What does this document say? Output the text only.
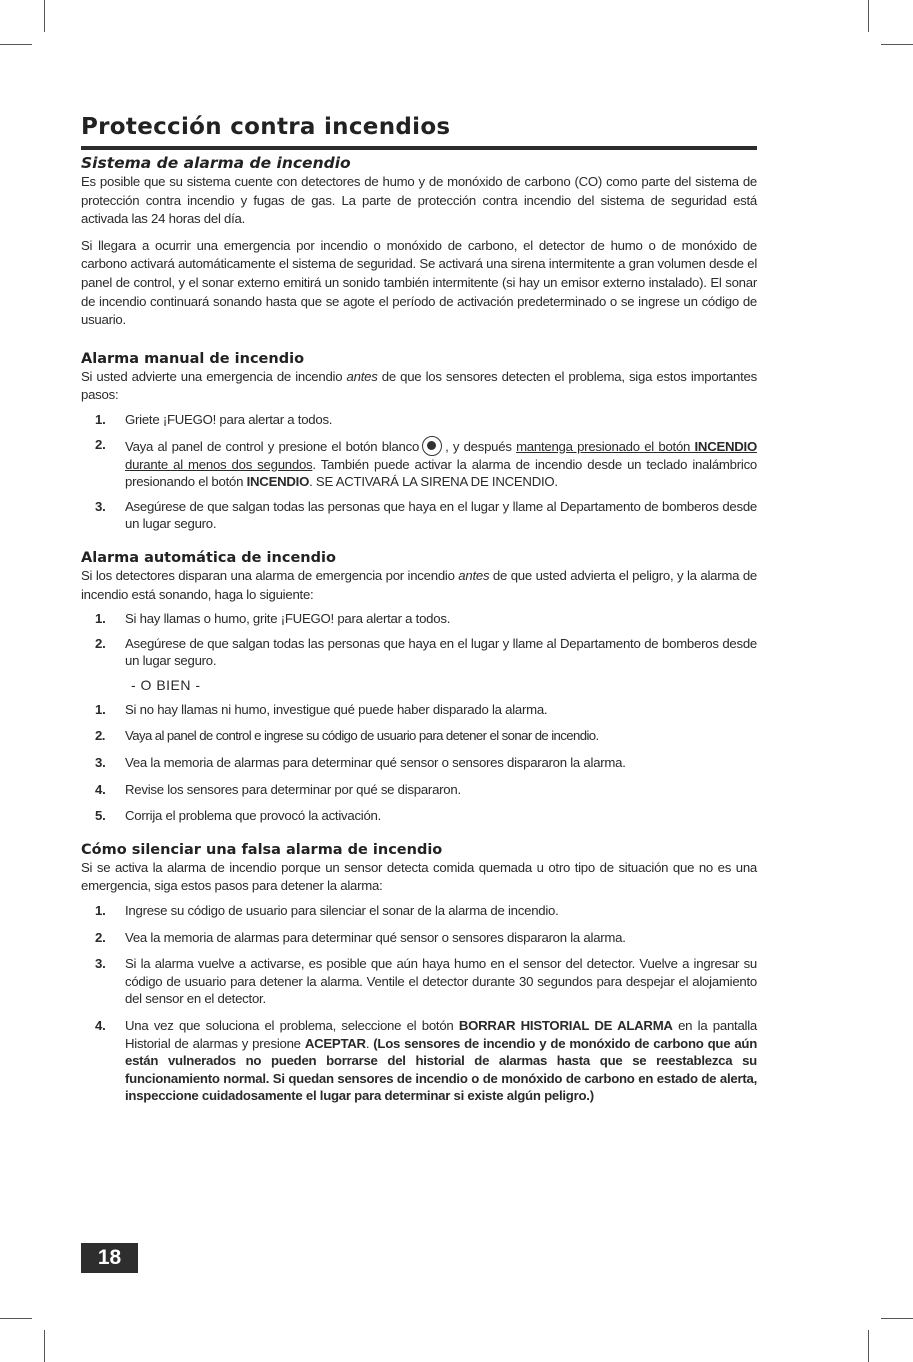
Protección contra incendios
Sistema de alarma de incendio

Es posible que su sistema cuente con detectores de humo y de monóxido de carbono (CO) como parte del sistema de protección contra incendio y fugas de gas. La parte de protección contra incendio del sistema de seguridad está activada las 24 horas del día.

Si llegara a ocurrir una emergencia por incendio o monóxido de carbono, el detector de humo o de monóxido de carbono activará automáticamente el sistema de seguridad. Se activará una sirena intermitente a gran volumen desde el panel de control, y el sonar externo emitirá un sonido también intermitente (si hay un emisor externo instalado). El sonar de incendio continuará sonando hasta que se agote el período de activación predeterminado o se ingrese un código de usuario.

Alarma manual de incendio

Si usted advierte una emergencia de incendio antes de que los sensores detecten el problema, siga estos importantes pasos:

1. Griete ¡FUEGO! para alertar a todos.
2. Vaya al panel de control y presione el botón blanco , y después mantenga presionado el botón INCENDIO durante al menos dos segundos. También puede activar la alarma de incendio desde un teclado inalámbrico presionando el botón INCENDIO. SE ACTIVARÁ LA SIRENA DE INCENDIO.
3. Asegúrese de que salgan todas las personas que haya en el lugar y llame al Departamento de bomberos desde un lugar seguro.
Alarma automática de incendio

Si los detectores disparan una alarma de emergencia por incendio antes de que usted advierta el peligro, y la alarma de incendio está sonando, haga lo siguiente:

1. Si hay llamas o humo, grite ¡FUEGO! para alertar a todos.
2. Asegúrese de que salgan todas las personas que haya en el lugar y llame al Departamento de bomberos desde un lugar seguro.
- O BIEN -
1. Si no hay llamas ni humo, investigue qué puede haber disparado la alarma.
2. Vaya al panel de control e ingrese su código de usuario para detener el sonar de incendio.
3. Vea la memoria de alarmas para determinar qué sensor o sensores dispararon la alarma.
4. Revise los sensores para determinar por qué se dispararon.
5. Corrija el problema que provocó la activación.
Cómo silenciar una falsa alarma de incendio

Si se activa la alarma de incendio porque un sensor detecta comida quemada u otro tipo de situación que no es una emergencia, siga estos pasos para detener la alarma:

1. Ingrese su código de usuario para silenciar el sonar de la alarma de incendio.
2. Vea la memoria de alarmas para determinar qué sensor o sensores dispararon la alarma.
3. Si la alarma vuelve a activarse, es posible que aún haya humo en el sensor del detector. Vuelve a ingresar su código de usuario para detener la alarma. Ventile el detector durante 30 segundos para despejar el alojamiento del sensor en el detector.
4. Una vez que soluciona el problema, seleccione el botón BORRAR HISTORIAL DE ALARMA en la pantalla Historial de alarmas y presione ACEPTAR. (Los sensores de incendio y de monóxido de carbono que aún están vulnerados no pueden borrarse del historial de alarmas hasta que se reestablezca su funcionamiento normal. Si quedan sensores de incendio o de monóxido de carbono en estado de alerta, inspeccione cuidadosamente el lugar para determinar si existe algún peligro.)
18
